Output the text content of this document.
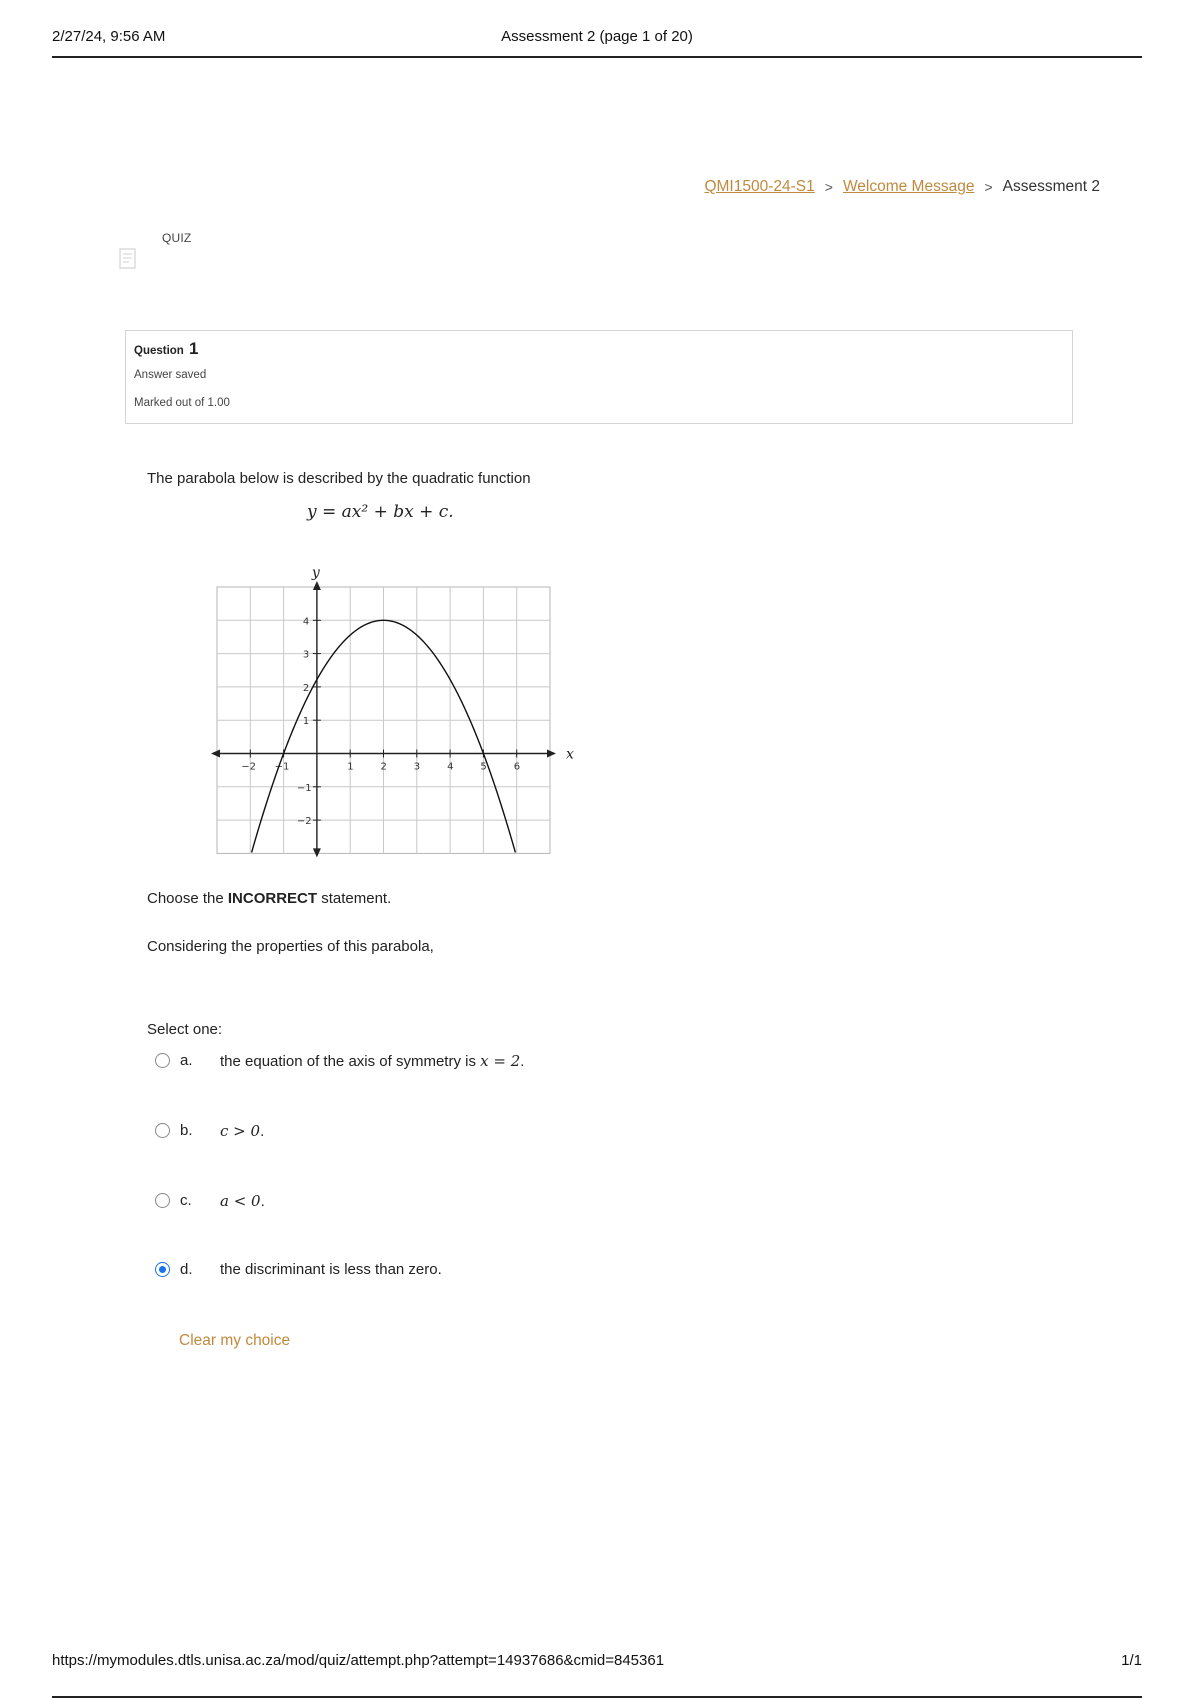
2/27/24, 9:56 AM	Assessment 2 (page 1 of 20)
QMI1500-24-S1 > Welcome Message > Assessment 2
QUIZ
Question 1
Answer saved
Marked out of 1.00
The parabola below is described by the quadratic function
y = ax² + bx + c.
x
y
−2 −1	1	2	3	4	5	6
−2
−1
1
2
3
4
Choose the INCORRECT statement.
Considering the properties of this parabola,
Select one:
a. the equation of the axis of symmetry is x = 2.
b. c > 0.
c. a < 0.
d. the discriminant is less than zero.
Clear my choice
https://mymodules.dtls.unisa.ac.za/mod/quiz/attempt.php?attempt=14937686&cmid=845361	1/1
